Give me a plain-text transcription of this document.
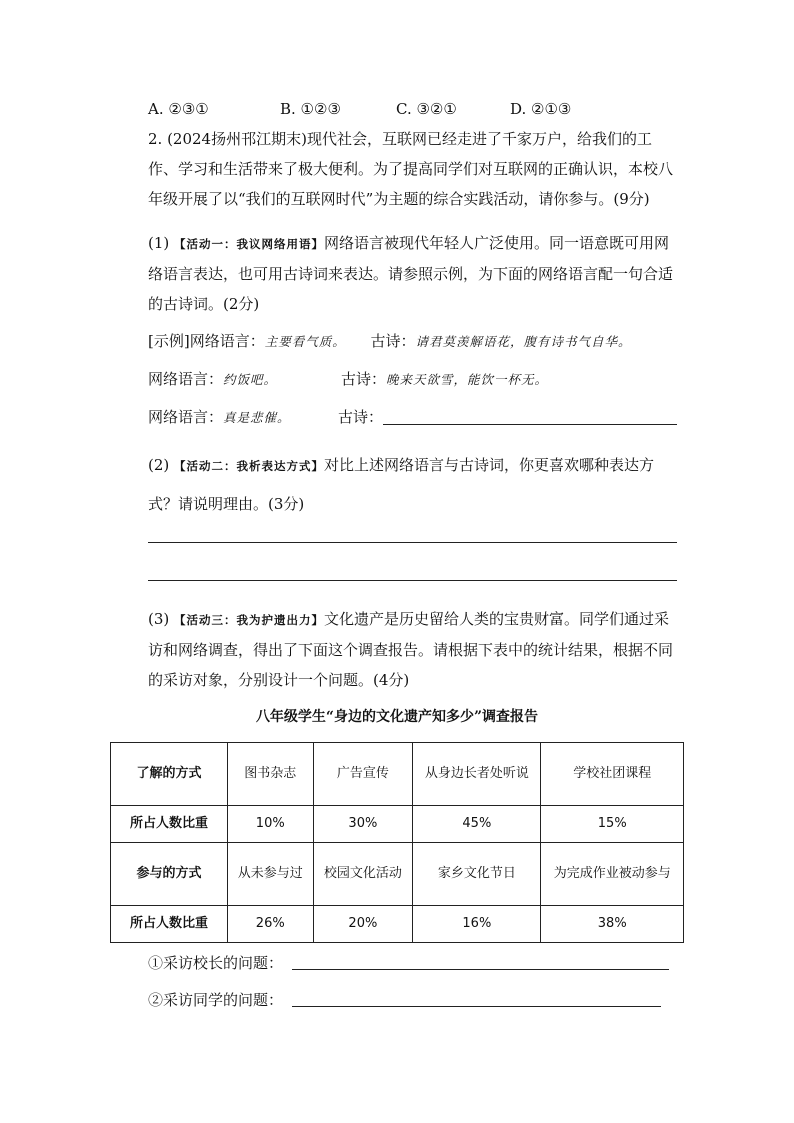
A. ②③①	B. ①②③	C. ③②①	D. ②①③
2. (2024扬州邗江期末)现代社会，互联网已经走进了千家万户，给我们的工作、学习和生活带来了极大便利。为了提高同学们对互联网的正确认识，本校八年级开展了以“我们的互联网时代”为主题的综合实践活动，请你参与。(9分)
(1) 【活动一：我议网络用语】网络语言被现代年轻人广泛使用。同一语意既可用网络语言表达，也可用古诗词来表达。请参照示例，为下面的网络语言配一句合适的古诗词。(2分)
[示例]网络语言：主要看气质。 古诗：请君莫羡解语花，腹有诗书气自华。
网络语言：约饭吧。	古诗：晚来天欲雪，能饮一杯无。
网络语言：真是悲催。	古诗：
(2) 【活动二：我析表达方式】对比上述网络语言与古诗词，你更喜欢哪种表达方式？请说明理由。(3分)
(3) 【活动三：我为护遗出力】文化遗产是历史留给人类的宝贵财富。同学们通过采访和网络调查，得出了下面这个调查报告。请根据下表中的统计结果，根据不同的采访对象，分别设计一个问题。(4分)
八年级学生“身边的文化遗产知多少”调查报告
了解的方式	图书杂志	广告宣传	从身边长者处听说	学校社团课程
所占人数比重	10%	30%	45%	15%
参与的方式	从未参与过	校园文化活动	家乡文化节日	为完成作业被动参与
所占人数比重	26%	20%	16%	38%
①采访校长的问题：
②采访同学的问题：
